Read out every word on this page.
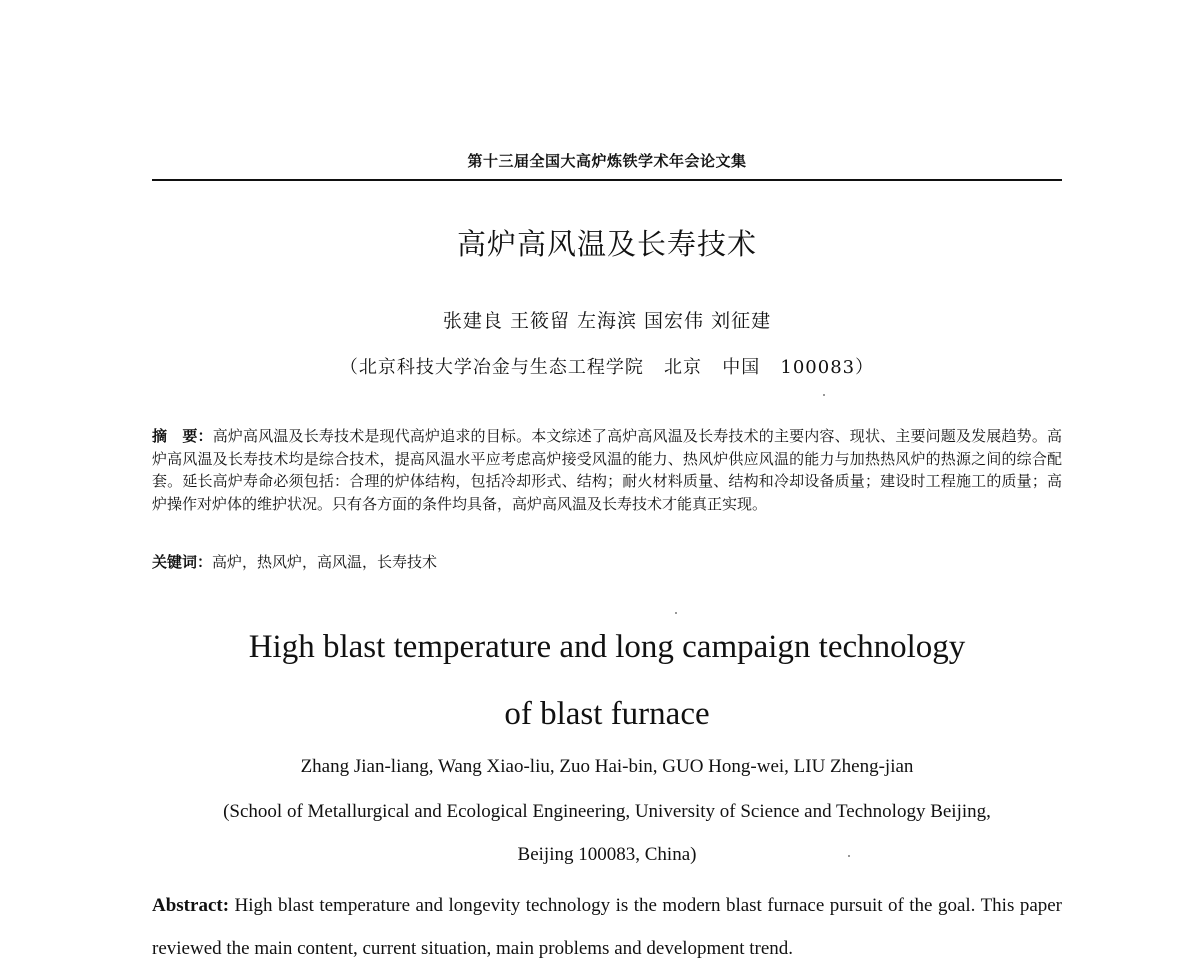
第十三届全国大高炉炼铁学术年会论文集
高炉高风温及长寿技术
张建良 王筱留 左海滨 国宏伟 刘征建
（北京科技大学冶金与生态工程学院   北京   中国   100083）
摘　要：高炉高风温及长寿技术是现代高炉追求的目标。本文综述了高炉高风温及长寿技术的主要内容、现状、主要问题及发展趋势。高炉高风温及长寿技术均是综合技术，提高风温水平应考虑高炉接受风温的能力、热风炉供应风温的能力与加热热风炉的热源之间的综合配套。延长高炉寿命必须包括：合理的炉体结构，包括冷却形式、结构；耐火材料质量、结构和冷却设备质量；建设时工程施工的质量；高炉操作对炉体的维护状况。只有各方面的条件均具备，高炉高风温及长寿技术才能真正实现。
关键词：高炉，热风炉，高风温，长寿技术
High blast temperature and long campaign technology
of blast furnace
Zhang Jian-liang, Wang Xiao-liu, Zuo Hai-bin, GUO Hong-wei, LIU Zheng-jian
(School of Metallurgical and Ecological Engineering, University of Science and Technology Beijing,
Beijing 100083, China)
Abstract: High blast temperature and longevity technology is the modern blast furnace pursuit of the goal. This paper reviewed the main content, current situation, main problems and development trend.
